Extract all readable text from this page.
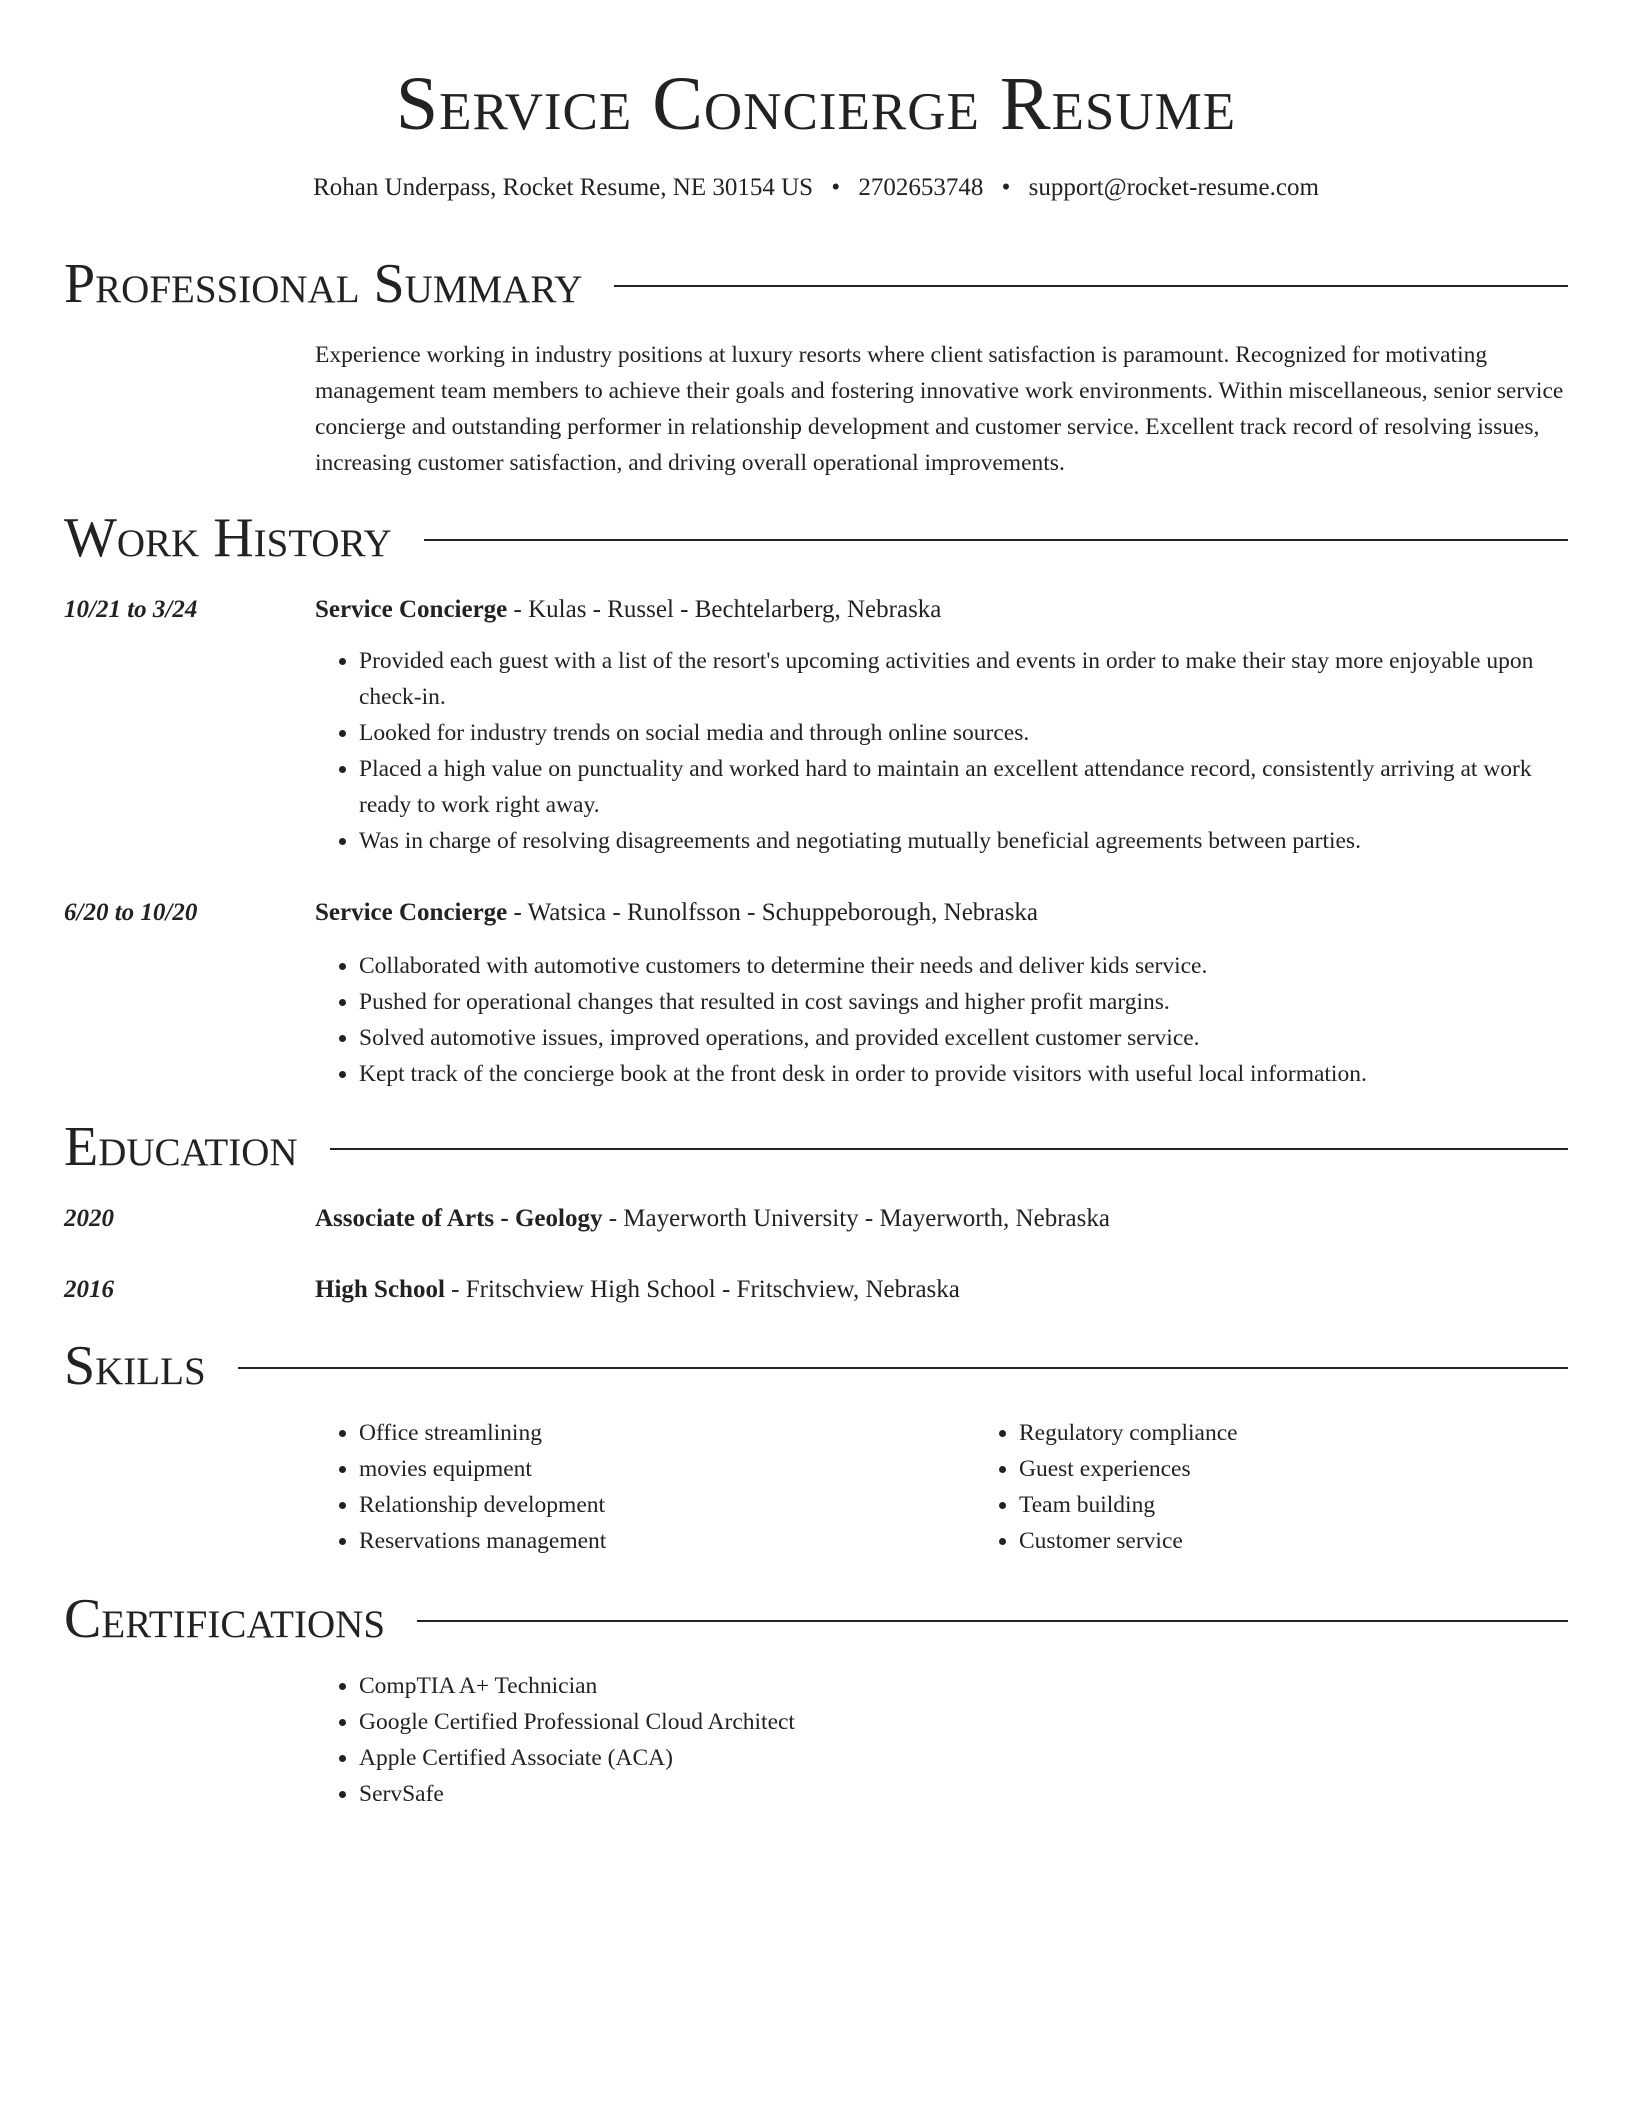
Service Concierge Resume
Rohan Underpass, Rocket Resume, NE 30154 US • 2702653748 • support@rocket-resume.com
Professional Summary

Experience working in industry positions at luxury resorts where client satisfaction is paramount. Recognized for motivating management team members to achieve their goals and fostering innovative work environments. Within miscellaneous, senior service concierge and outstanding performer in relationship development and customer service. Excellent track record of resolving issues, increasing customer satisfaction, and driving overall operational improvements.

Work History
10/21 to 3/24	Service Concierge - Kulas - Russel - Bechtelarberg, Nebraska
• Provided each guest with a list of the resort's upcoming activities and events in order to make their stay more enjoyable upon check-in.
• Looked for industry trends on social media and through online sources.
• Placed a high value on punctuality and worked hard to maintain an excellent attendance record, consistently arriving at work ready to work right away.
• Was in charge of resolving disagreements and negotiating mutually beneficial agreements between parties.
6/20 to 10/20	Service Concierge - Watsica - Runolfsson - Schuppeborough, Nebraska
• Collaborated with automotive customers to determine their needs and deliver kids service.
• Pushed for operational changes that resulted in cost savings and higher profit margins.
• Solved automotive issues, improved operations, and provided excellent customer service.
• Kept track of the concierge book at the front desk in order to provide visitors with useful local information.
Education
2020	Associate of Arts - Geology - Mayerworth University - Mayerworth, Nebraska
2016	High School - Fritschview High School - Fritschview, Nebraska
Skills
• Office streamlining
• movies equipment
• Relationship development
• Reservations management
• Regulatory compliance
• Guest experiences
• Team building
• Customer service
Certifications
• CompTIA A+ Technician
• Google Certified Professional Cloud Architect
• Apple Certified Associate (ACA)
• ServSafe
